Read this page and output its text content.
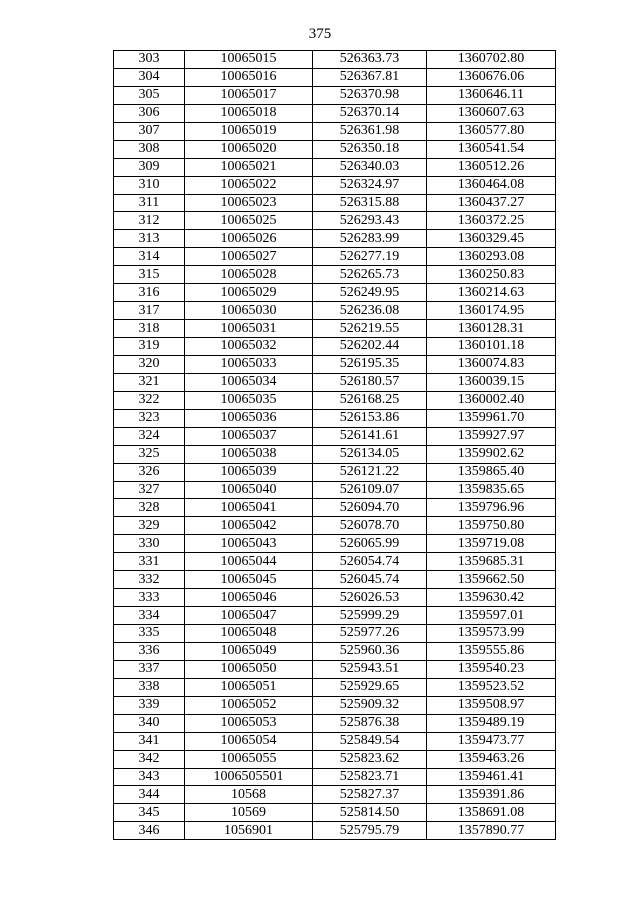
375
303	10065015	526363.73	1360702.80
304	10065016	526367.81	1360676.06
305	10065017	526370.98	1360646.11
306	10065018	526370.14	1360607.63
307	10065019	526361.98	1360577.80
308	10065020	526350.18	1360541.54
309	10065021	526340.03	1360512.26
310	10065022	526324.97	1360464.08
311	10065023	526315.88	1360437.27
312	10065025	526293.43	1360372.25
313	10065026	526283.99	1360329.45
314	10065027	526277.19	1360293.08
315	10065028	526265.73	1360250.83
316	10065029	526249.95	1360214.63
317	10065030	526236.08	1360174.95
318	10065031	526219.55	1360128.31
319	10065032	526202.44	1360101.18
320	10065033	526195.35	1360074.83
321	10065034	526180.57	1360039.15
322	10065035	526168.25	1360002.40
323	10065036	526153.86	1359961.70
324	10065037	526141.61	1359927.97
325	10065038	526134.05	1359902.62
326	10065039	526121.22	1359865.40
327	10065040	526109.07	1359835.65
328	10065041	526094.70	1359796.96
329	10065042	526078.70	1359750.80
330	10065043	526065.99	1359719.08
331	10065044	526054.74	1359685.31
332	10065045	526045.74	1359662.50
333	10065046	526026.53	1359630.42
334	10065047	525999.29	1359597.01
335	10065048	525977.26	1359573.99
336	10065049	525960.36	1359555.86
337	10065050	525943.51	1359540.23
338	10065051	525929.65	1359523.52
339	10065052	525909.32	1359508.97
340	10065053	525876.38	1359489.19
341	10065054	525849.54	1359473.77
342	10065055	525823.62	1359463.26
343	1006505501	525823.71	1359461.41
344	10568	525827.37	1359391.86
345	10569	525814.50	1358691.08
346	1056901	525795.79	1357890.77
